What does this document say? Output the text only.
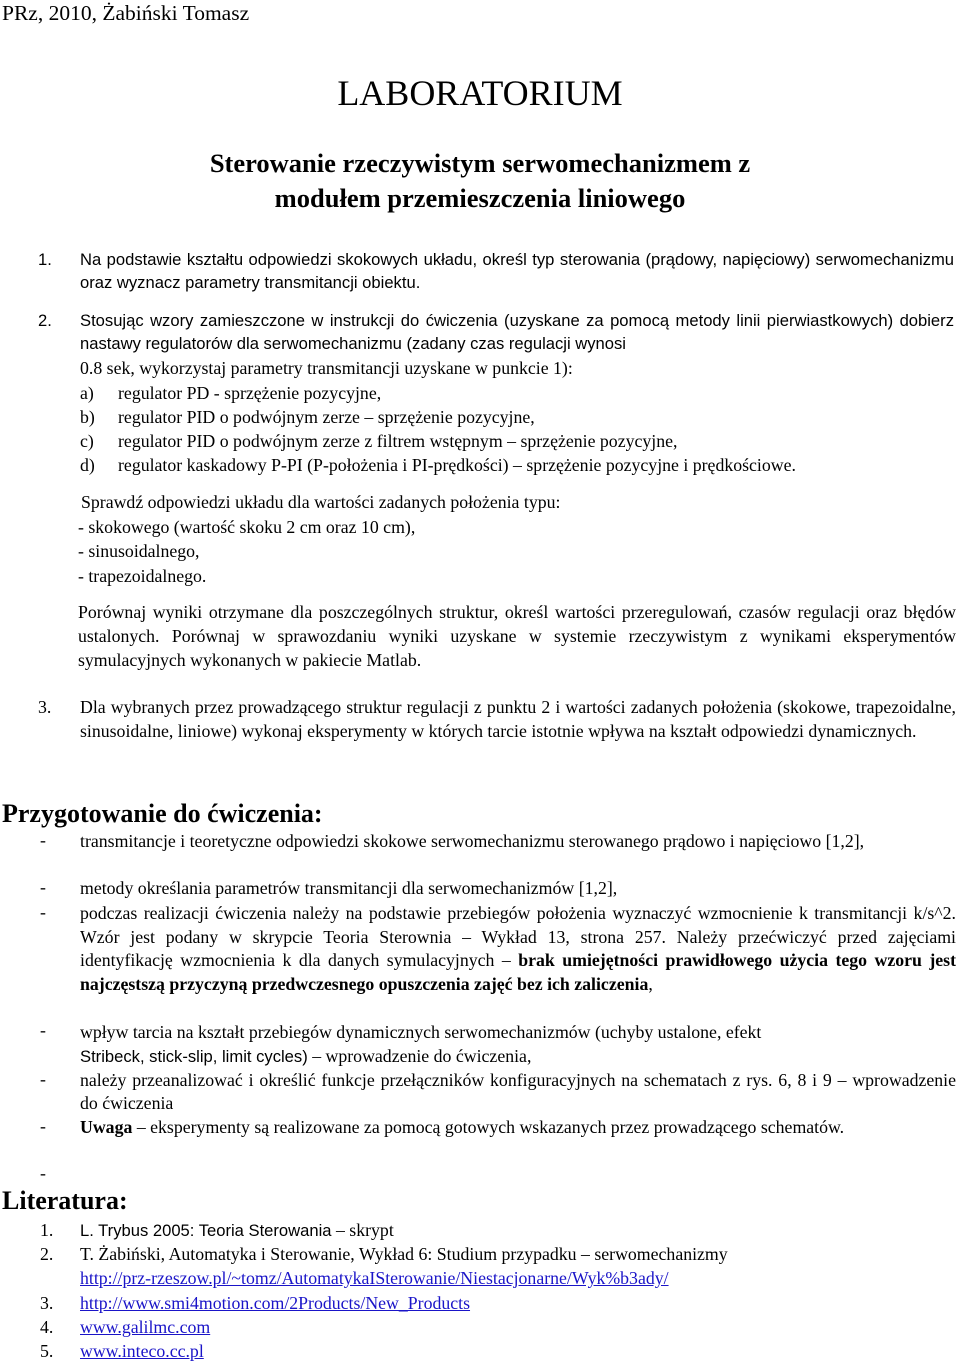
PRz, 2010, Żabiński Tomasz
LABORATORIUM
Sterowanie rzeczywistym serwomechanizmem z modułem przemieszczenia liniowego
1. Na podstawie kształtu odpowiedzi skokowych układu, określ typ sterowania (prądowy, napięciowy) serwomechanizmu oraz wyznacz parametry transmitancji obiektu.
2. Stosując wzory zamieszczone w instrukcji do ćwiczenia (uzyskane za pomocą metody linii pierwiastkowych) dobierz nastawy regulatorów dla serwomechanizmu (zadany czas regulacji wynosi
0.8 sek, wykorzystaj parametry transmitancji uzyskane w punkcie 1):
a) regulator PD - sprzężenie pozycyjne,
b) regulator PID o podwójnym zerze – sprzężenie pozycyjne,
c) regulator PID o podwójnym zerze z filtrem wstępnym – sprzężenie pozycyjne,
d) regulator kaskadowy P-PI (P-położenia i PI-prędkości) – sprzężenie pozycyjne i prędkościowe.
Sprawdź odpowiedzi układu dla wartości zadanych położenia typu:
- skokowego (wartość skoku 2 cm oraz 10 cm),
- sinusoidalnego,
- trapezoidalnego.
Porównaj wyniki otrzymane dla poszczególnych struktur, określ wartości przeregulowań, czasów regulacji oraz błędów ustalonych. Porównaj w sprawozdaniu wyniki uzyskane w systemie rzeczywistym z wynikami eksperymentów symulacyjnych wykonanych w pakiecie Matlab.
3. Dla wybranych przez prowadzącego struktur regulacji z punktu 2 i wartości zadanych położenia (skokowe, trapezoidalne, sinusoidalne, liniowe) wykonaj eksperymenty w których tarcie istotnie wpływa na kształt odpowiedzi dynamicznych.
Przygotowanie do ćwiczenia:
- transmitancje i teoretyczne odpowiedzi skokowe serwomechanizmu sterowanego prądowo i napięciowo [1,2],
- metody określania parametrów transmitancji dla serwomechanizmów [1,2],
- podczas realizacji ćwiczenia należy na podstawie przebiegów położenia wyznaczyć wzmocnienie k transmitancji k/s^2. Wzór jest podany w skrypcie Teoria Sterownia – Wykład 13, strona 257. Należy przećwiczyć przed zajęciami identyfikację wzmocnienia k dla danych symulacyjnych – brak umiejętności prawidłowego użycia tego wzoru jest najczęstszą przyczyną przedwczesnego opuszczenia zajęć bez ich zaliczenia,
- wpływ tarcia na kształt przebiegów dynamicznych serwomechanizmów (uchyby ustalone, efekt
Stribeck, stick-slip, limit cycles) – wprowadzenie do ćwiczenia,
- należy przeanalizować i określić funkcje przełączników konfiguracyjnych na schematach z rys. 6, 8 i 9 – wprowadzenie do ćwiczenia
- Uwaga – eksperymenty są realizowane za pomocą gotowych wskazanych przez prowadzącego schematów.
-
Literatura:
1. L. Trybus 2005: Teoria Sterowania – skrypt
2. T. Żabiński, Automatyka i Sterowanie, Wykład 6: Studium przypadku – serwomechanizmy
http://prz-rzeszow.pl/~tomz/AutomatykaISterowanie/Niestacjonarne/Wyk%b3ady/
3. http://www.smi4motion.com/2Products/New_Products
4. www.galilmc.com
5. www.inteco.cc.pl
